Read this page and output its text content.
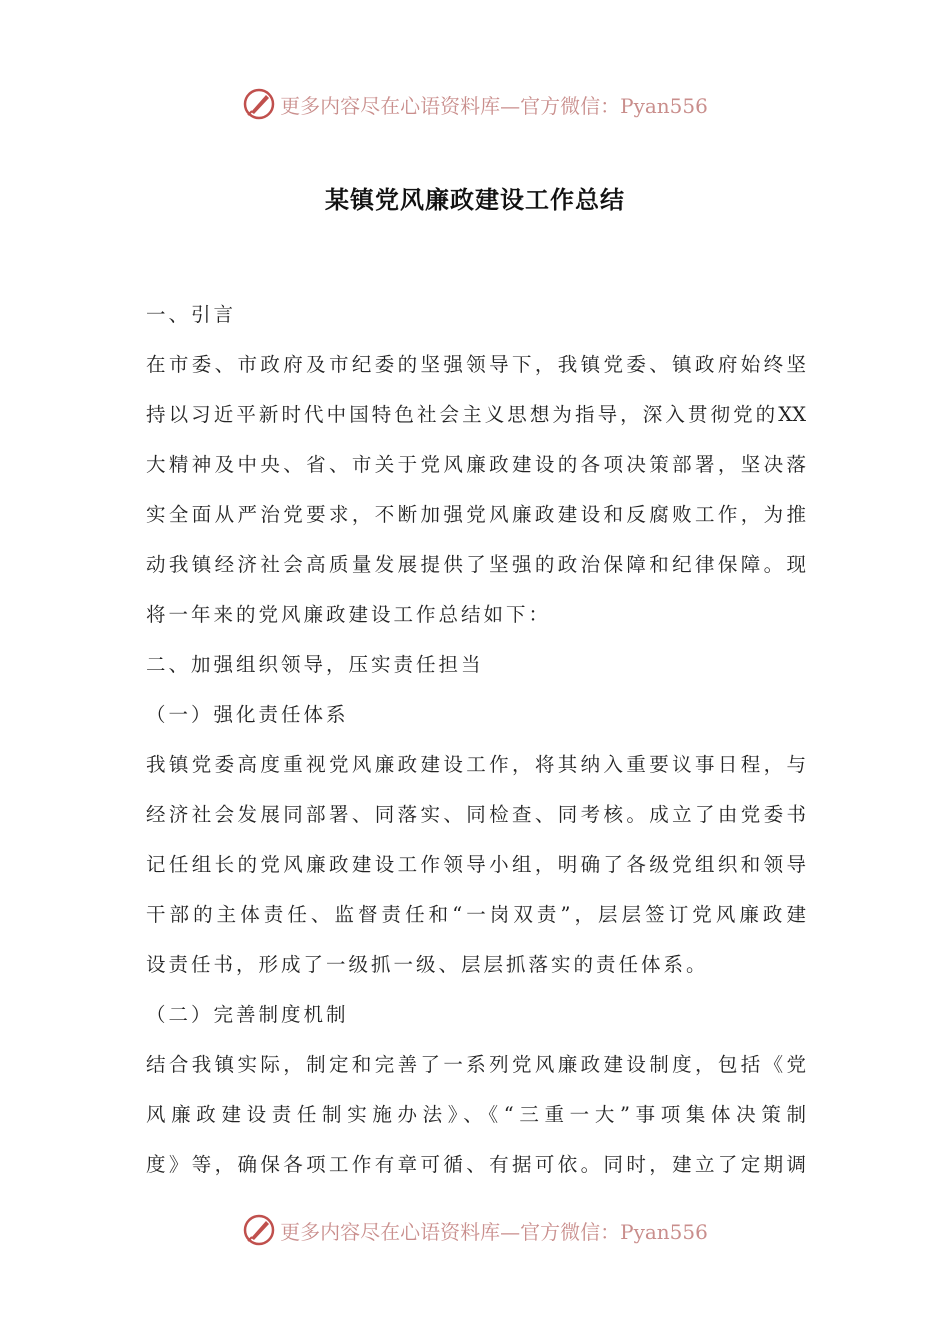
更多内容尽在心语资料库—官方微信：Pyan556
某镇党风廉政建设工作总结
一、引言
在市委、市政府及市纪委的坚强领导下，我镇党委、镇政府始终坚
持以习近平新时代中国特色社会主义思想为指导，深入贯彻党的XX
大精神及中央、省、市关于党风廉政建设的各项决策部署，坚决落
实全面从严治党要求，不断加强党风廉政建设和反腐败工作，为推
动我镇经济社会高质量发展提供了坚强的政治保障和纪律保障。现
将一年来的党风廉政建设工作总结如下：
二、加强组织领导，压实责任担当
（一）强化责任体系
我镇党委高度重视党风廉政建设工作，将其纳入重要议事日程，与
经济社会发展同部署、同落实、同检查、同考核。成立了由党委书
记任组长的党风廉政建设工作领导小组，明确了各级党组织和领导
干部的主体责任、监督责任和“一岗双责”，层层签订党风廉政建
设责任书，形成了一级抓一级、层层抓落实的责任体系。
（二）完善制度机制
结合我镇实际，制定和完善了一系列党风廉政建设制度，包括《党
风廉政建设责任制实施办法》、《“三重一大”事项集体决策制
度》等，确保各项工作有章可循、有据可依。同时，建立了定期调
更多内容尽在心语资料库—官方微信：Pyan556
